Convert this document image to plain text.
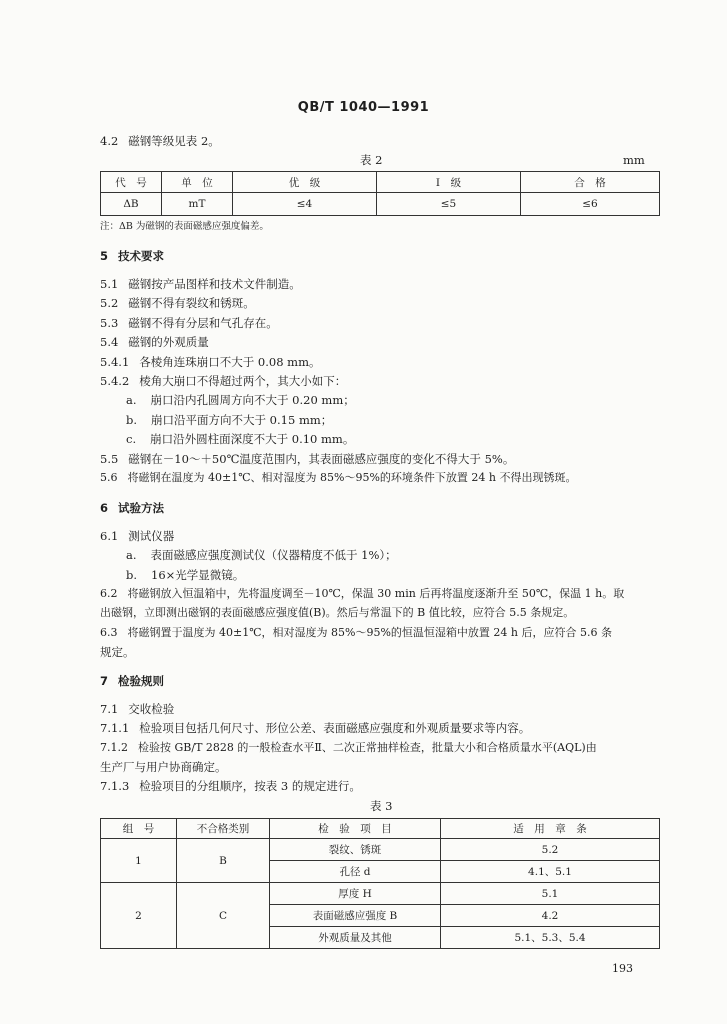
QB/T 1040—1991
4.2 磁钢等级见表 2。
表 2	mm
代　号	单　位	优　级	I　级	合　格
ΔB	mT	≤4	≤5	≤6
注：ΔB 为磁钢的表面磁感应强度偏差。
5 技术要求
5.1 磁钢按产品图样和技术文件制造。
5.2 磁钢不得有裂纹和锈斑。
5.3 磁钢不得有分层和气孔存在。
5.4 磁钢的外观质量
5.4.1 各棱角连珠崩口不大于 0.08 mm。
5.4.2 棱角大崩口不得超过两个，其大小如下：
a. 崩口沿内孔圆周方向不大于 0.20 mm；
b. 崩口沿平面方向不大于 0.15 mm；
c. 崩口沿外圆柱面深度不大于 0.10 mm。
5.5 磁钢在－10～＋50℃温度范围内，其表面磁感应强度的变化不得大于 5%。
5.6 将磁钢在温度为 40±1℃、相对湿度为 85%～95%的环境条件下放置 24 h 不得出现锈斑。
6 试验方法
6.1 测试仪器
a. 表面磁感应强度测试仪（仪器精度不低于 1%）；
b. 16×光学显微镜。
6.2 将磁钢放入恒温箱中，先将温度调至－10℃，保温 30 min 后再将温度逐渐升至 50℃，保温 1 h。取
出磁钢，立即测出磁钢的表面磁感应强度值(B)。然后与常温下的 B 值比较，应符合 5.5 条规定。
6.3 将磁钢置于温度为 40±1℃，相对湿度为 85%～95%的恒温恒湿箱中放置 24 h 后，应符合 5.6 条
规定。
7 检验规则
7.1 交收检验
7.1.1 检验项目包括几何尺寸、形位公差、表面磁感应强度和外观质量要求等内容。
7.1.2 检验按 GB/T 2828 的一般检查水平Ⅱ、二次正常抽样检查，批量大小和合格质量水平(AQL)由
生产厂与用户协商确定。
7.1.3 检验项目的分组顺序，按表 3 的规定进行。
表 3
组　号	不合格类别	检　验　项　目	适　用　章　条
1	B	裂纹、锈斑	5.2
		孔径 d	4.1、5.1
2	C	厚度 H	5.1
		表面磁感应强度 B	4.2
		外观质量及其他	5.1、5.3、5.4
193
